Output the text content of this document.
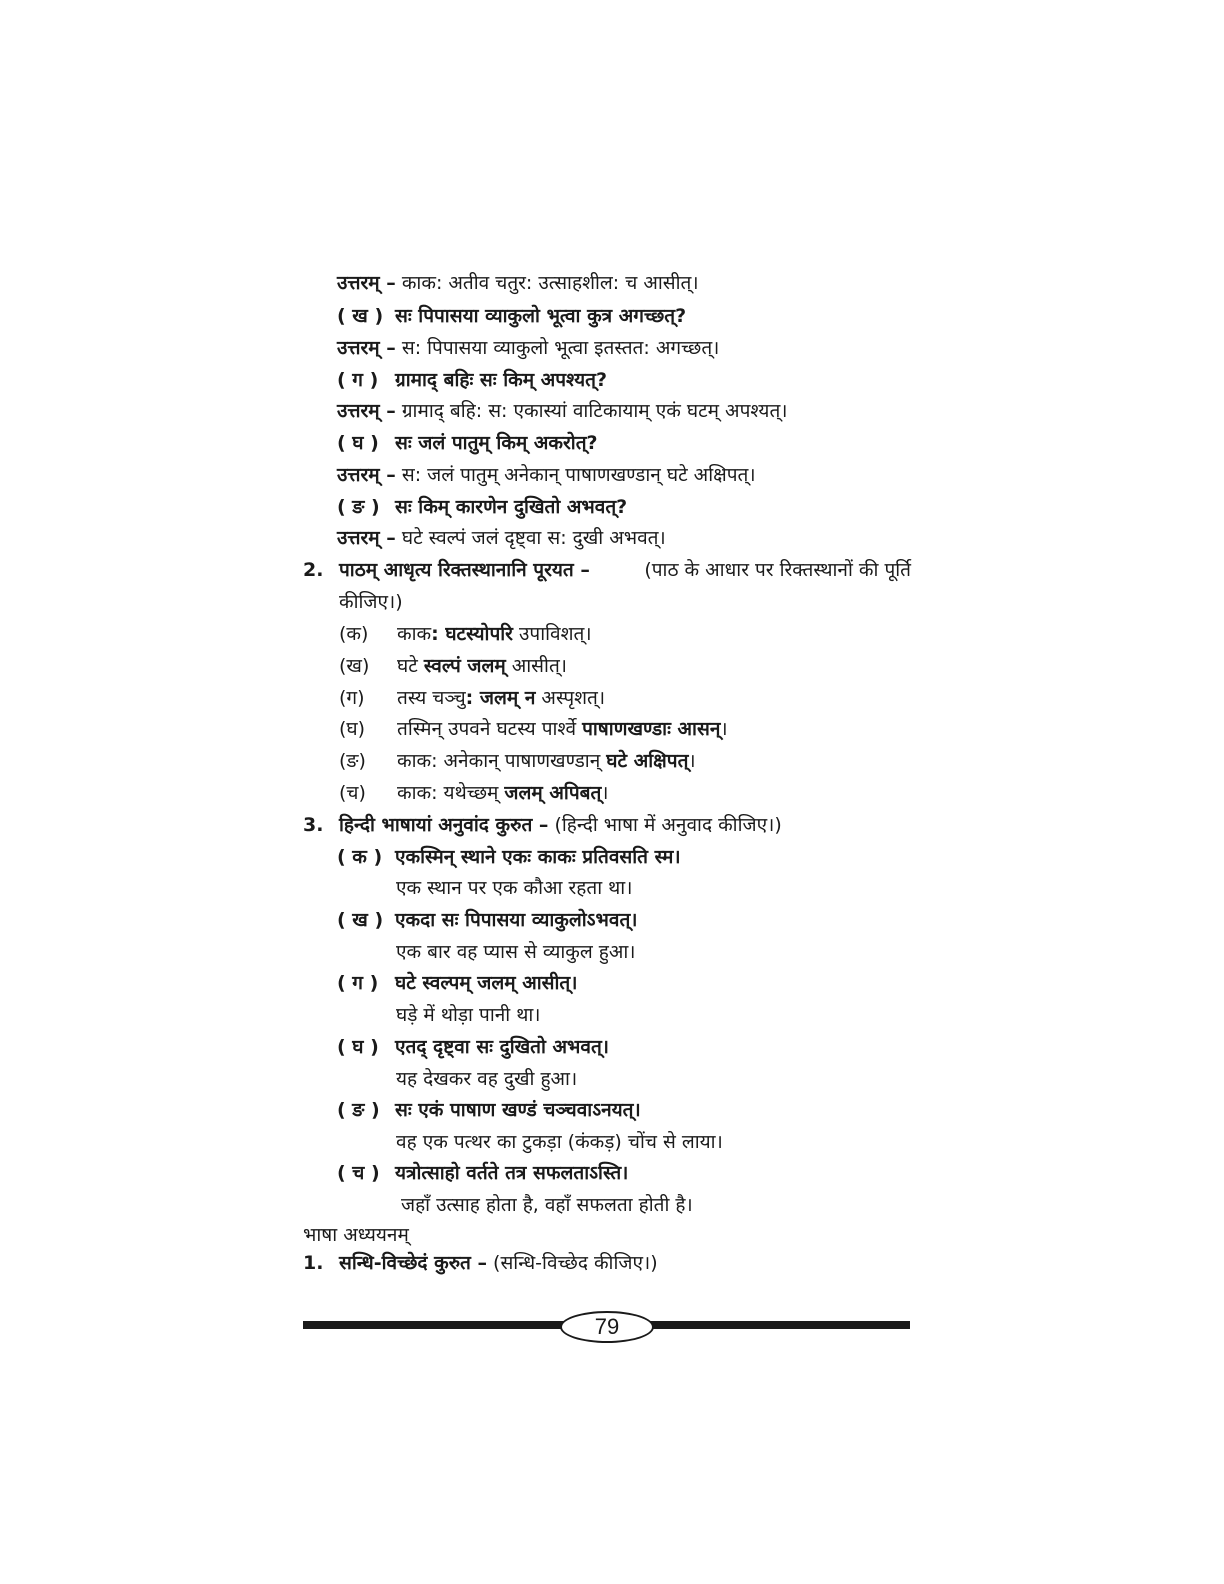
उत्तरम् – काक: अतीव चतुर: उत्साहशील: च आसीत्।
( ख ) सः पिपासया व्याकुलो भूत्वा कुत्र अगच्छत्?
उत्तरम् – स: पिपासया व्याकुलो भूत्वा इतस्तत: अगच्छत्।
( ग ) ग्रामाद् बहिः सः किम् अपश्यत्?
उत्तरम् – ग्रामाद् बहि: स: एकास्यां वाटिकायाम् एकं घटम् अपश्यत्।
( घ ) सः जलं पातुम् किम् अकरोत्?
उत्तरम् – स: जलं पातुम् अनेकान् पाषाणखण्डान् घटे अक्षिपत्।
( ङ ) सः किम् कारणेन दुखितो अभवत्?
उत्तरम् – घटे स्वल्पं जलं दृष्ट्वा स: दुखी अभवत्।
2. पाठम् आधृत्य रिक्तस्थानानि पूरयत –	(पाठ के आधार पर रिक्तस्थानों की पूर्ति
कीजिए।)
(क) काक: घटस्योपरि उपाविशत्।
(ख) घटे स्वल्पं जलम् आसीत्।
(ग) तस्य चञ्चु: जलम् न अस्पृशत्।
(घ) तस्मिन् उपवने घटस्य पार्श्वे पाषाणखण्डाः आसन्।
(ङ) काक: अनेकान् पाषाणखण्डान् घटे अक्षिपत्।
(च) काक: यथेच्छम् जलम् अपिबत्।
3. हिन्दी भाषायां अनुवांद कुरुत – (हिन्दी भाषा में अनुवाद कीजिए।)
( क ) एकस्मिन् स्थाने एकः काकः प्रतिवसति स्म।
एक स्थान पर एक कौआ रहता था।
( ख ) एकदा सः पिपासया व्याकुलोऽभवत्।
एक बार वह प्यास से व्याकुल हुआ।
( ग ) घटे स्वल्पम् जलम् आसीत्।
घड़े में थोड़ा पानी था।
( घ ) एतद् दृष्ट्वा सः दुखितो अभवत्।
यह देखकर वह दुखी हुआ।
( ङ ) सः एकं पाषाण खण्डं चञ्चवाऽनयत्।
वह एक पत्थर का टुकड़ा (कंकड़) चोंच से लाया।
( च ) यत्रोत्साहो वर्तते तत्र सफलताऽस्ति।
जहाँ उत्साह होता है, वहाँ सफलता होती है।
भाषा अध्ययनम्
1. सन्धि-विच्छेदं कुरुत – (सन्धि-विच्छेद कीजिए।)
79
